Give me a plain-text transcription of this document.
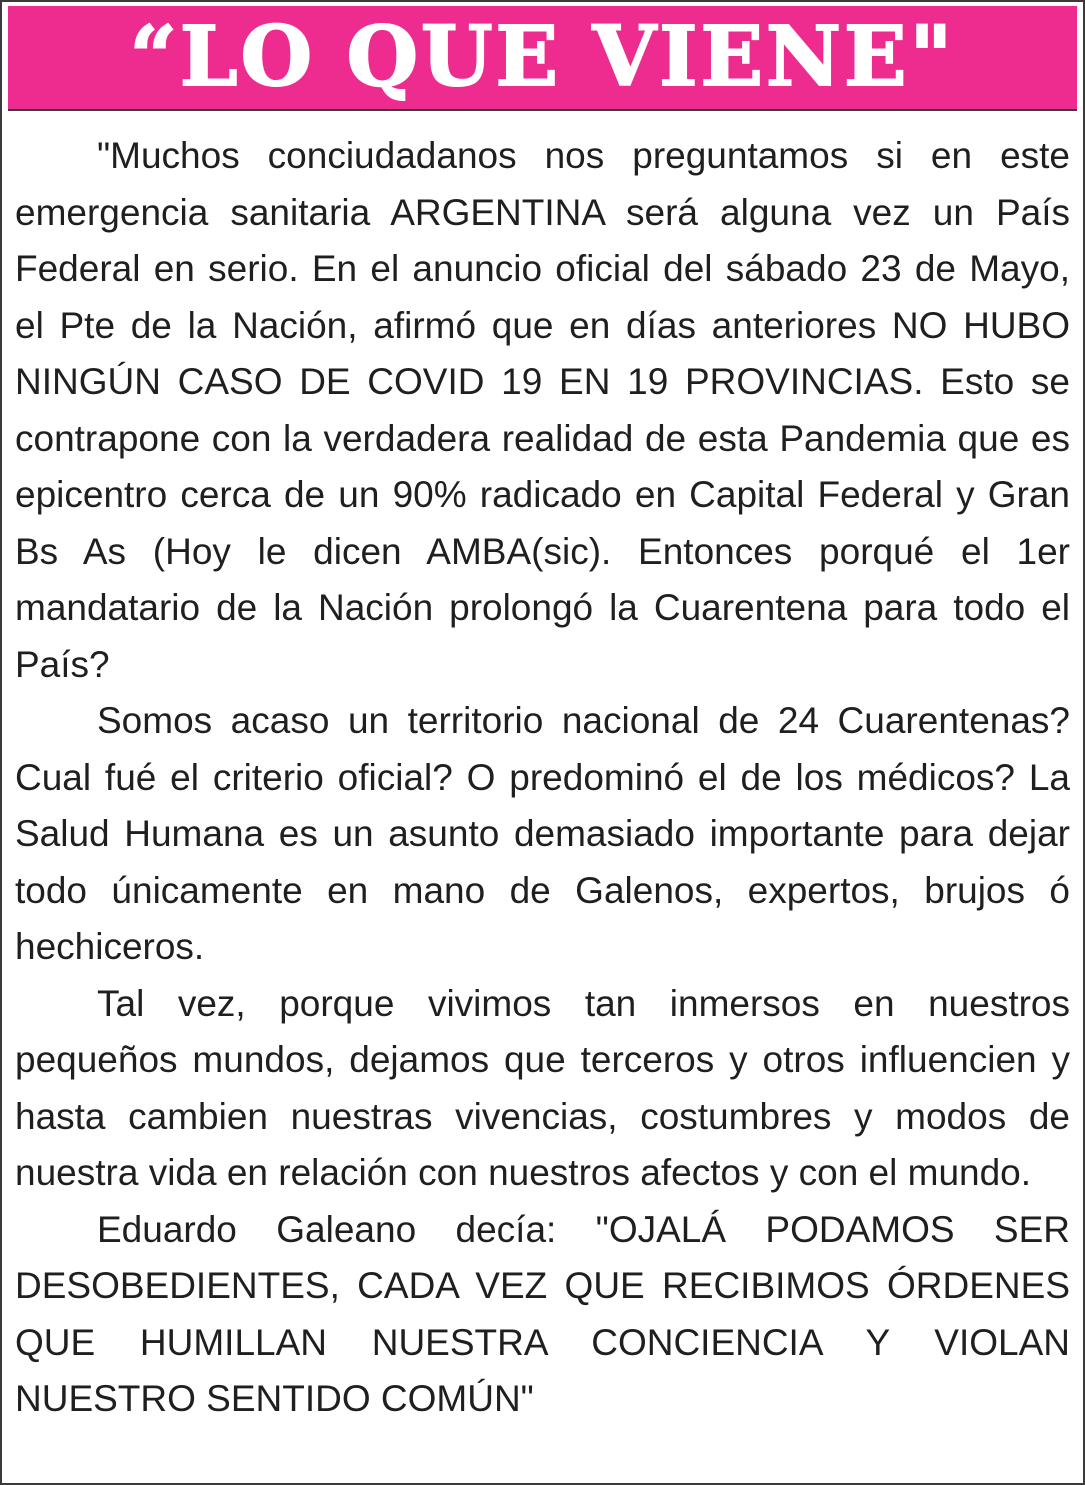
“LO QUE VIENE"

"Muchos conciudadanos nos preguntamos si en este emergencia sanitaria ARGENTINA será alguna vez un País Federal en serio. En el anuncio oficial del sábado 23 de Mayo, el Pte de la Nación, afirmó que en días anteriores NO HUBO NINGÚN CASO DE COVID 19 EN 19 PROVINCIAS. Esto se contrapone con la verdadera realidad de esta Pandemia que es epicentro cerca de un 90% radicado en Capital Federal y Gran Bs As (Hoy le dicen AMBA(sic). Entonces porqué el 1er mandatario de la Nación prolongó la Cuarentena para todo el País?

Somos acaso un territorio nacional de 24 Cuarentenas? Cual fué el criterio oficial? O predominó el de los médicos? La Salud Humana es un asunto demasiado importante para dejar todo únicamente en mano de Galenos, expertos, brujos ó hechiceros.

Tal vez, porque vivimos tan inmersos en nuestros pequeños mundos, dejamos que terceros y otros influencien y hasta cambien nuestras vivencias, costumbres y modos de nuestra vida en relación con nuestros afectos y con el mundo.

Eduardo Galeano decía: "OJALÁ PODAMOS SER DESOBEDIENTES, CADA VEZ QUE RECIBIMOS ÓRDENES QUE HUMILLAN NUESTRA CONCIENCIA Y VIOLAN NUESTRO SENTIDO COMÚN"
